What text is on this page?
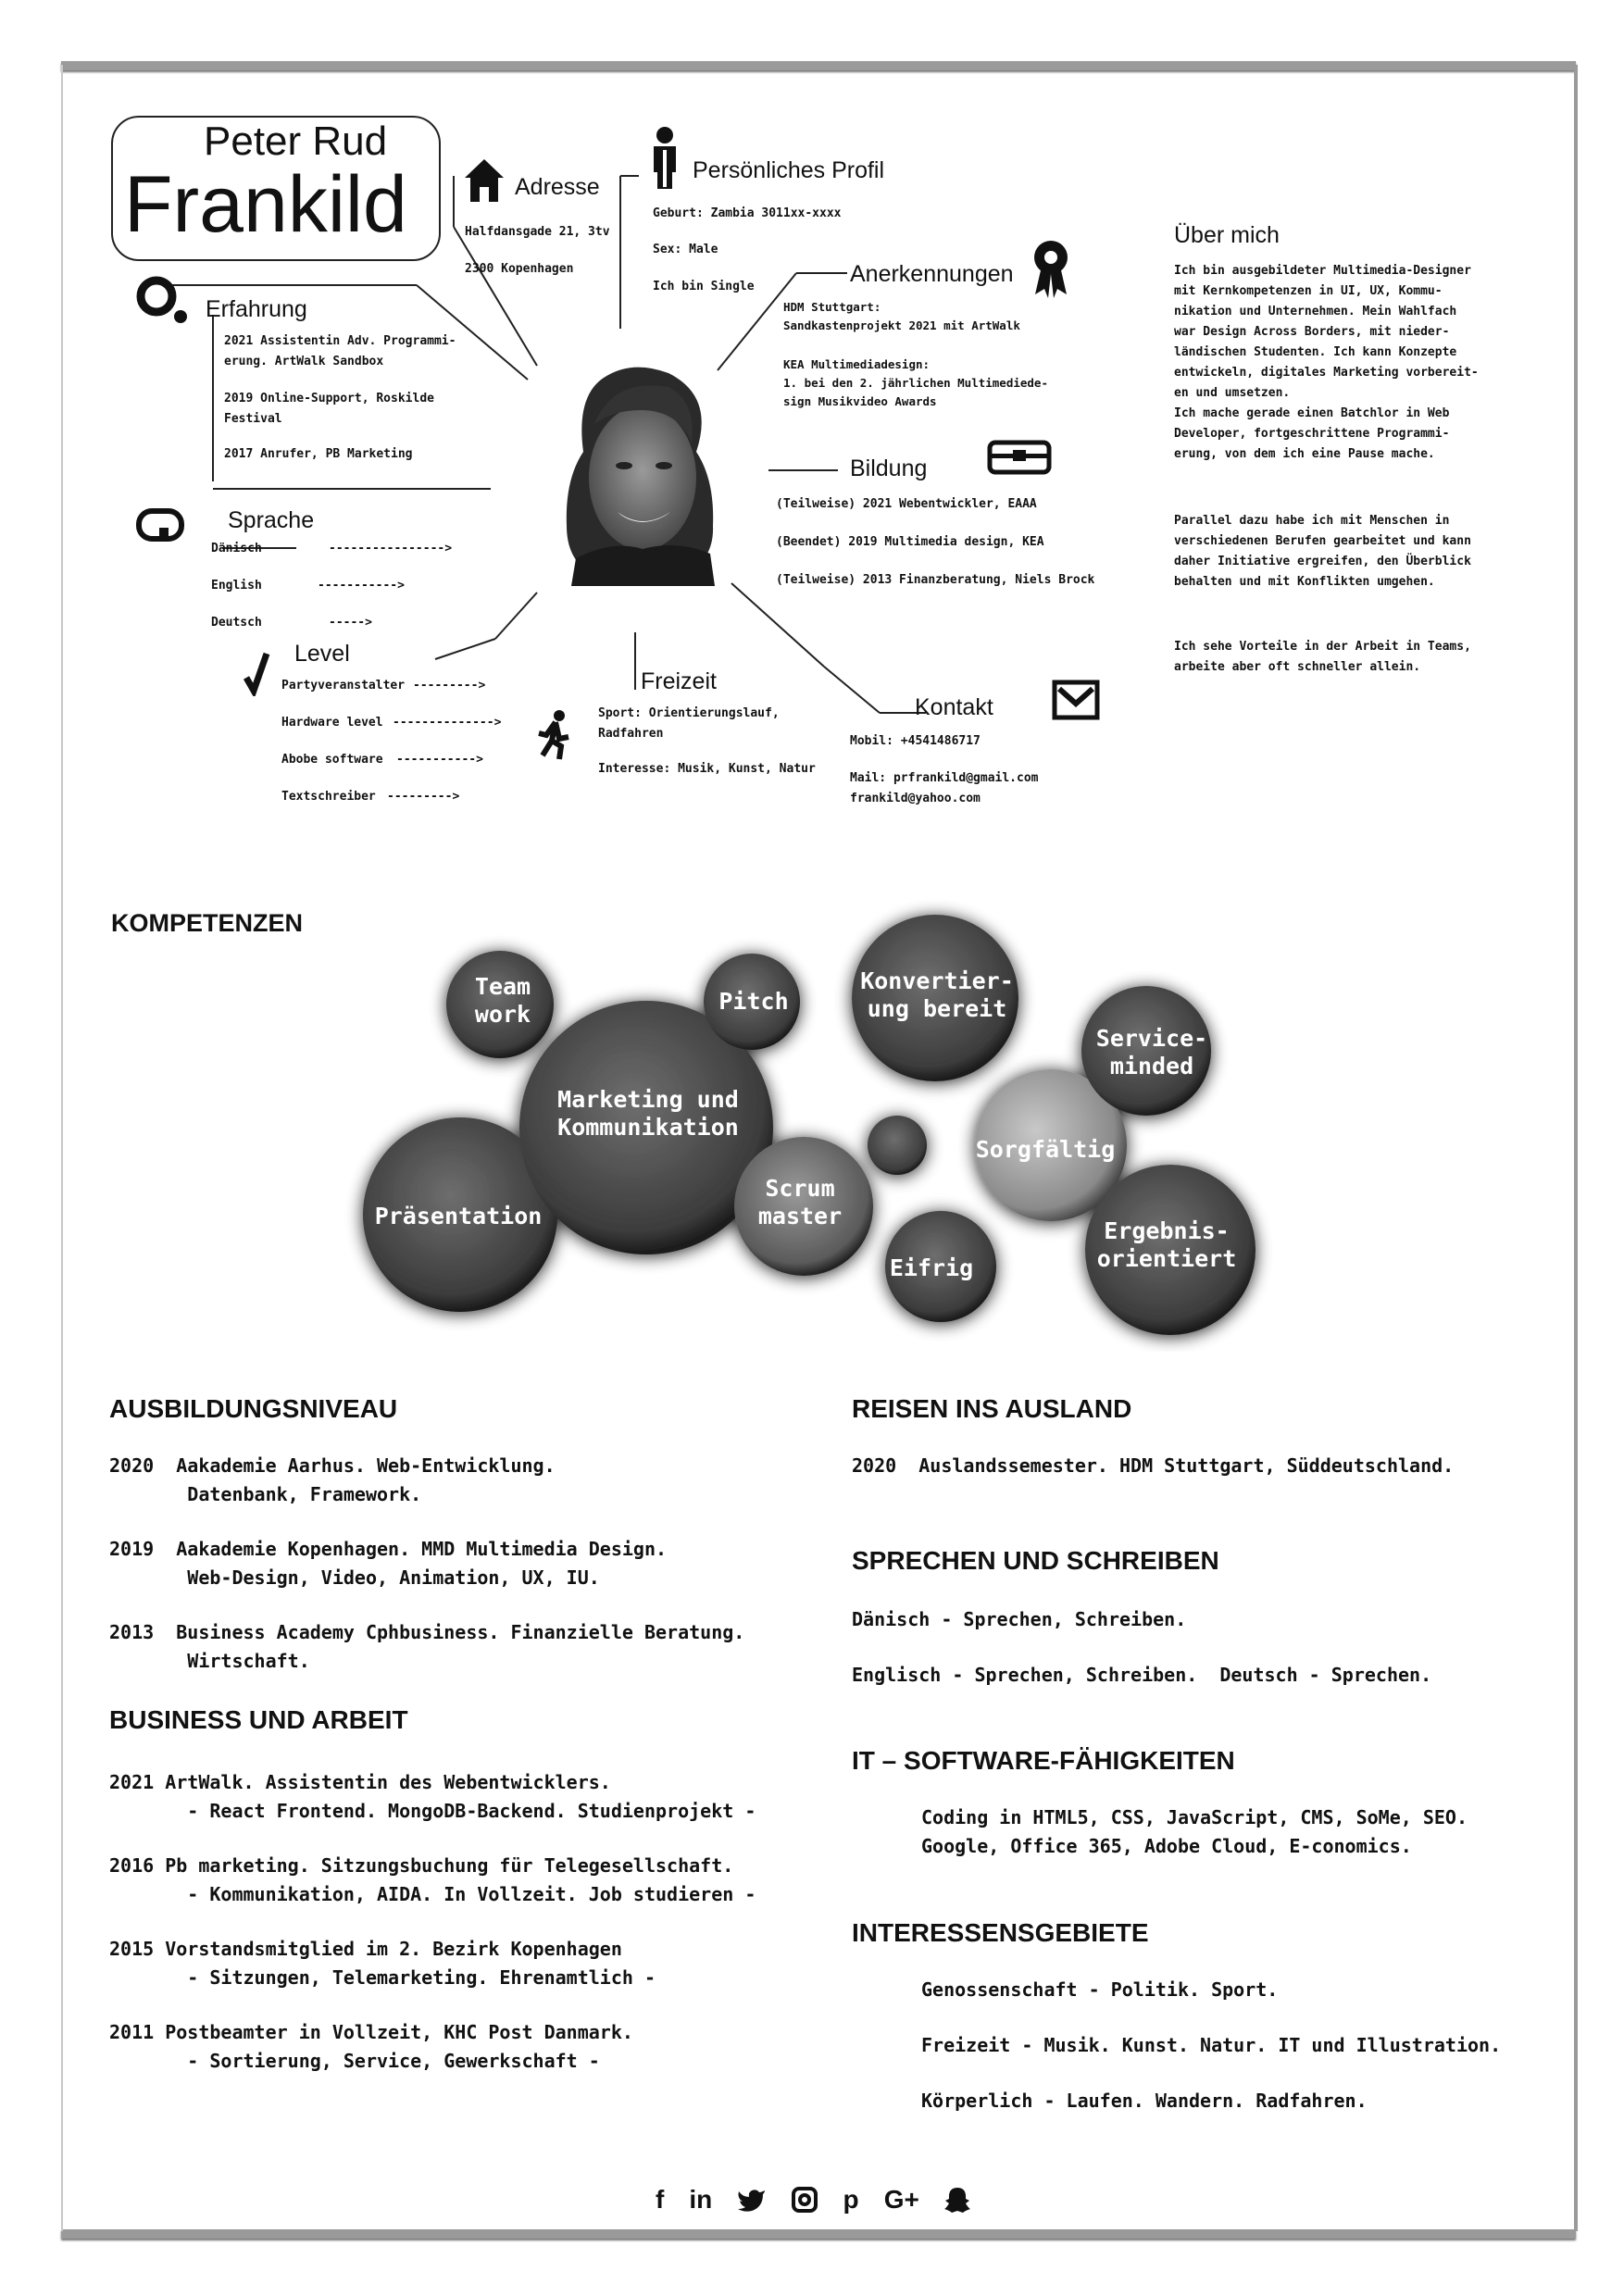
Peter Rud
Frankild	Adresse
Halfdansgade 21, 3tv
2300 Kopenhagen
Persönliches Profil
Geburt: Zambia 3011xx-xxxx
Sex: Male
Ich bin Single
Erfahrung
2021 Assistentin Adv. Programmi-
erung. ArtWalk Sandbox
2019 Online-Support, Roskilde
Festival
2017 Anrufer, PB Marketing
Anerkennungen
HDM Stuttgart:
Sandkastenprojekt 2021 mit ArtWalk
KEA Multimediadesign:
1. bei den 2. jährlichen Multimediede-
sign Musikvideo Awards
Bildung
(Teilweise) 2021 Webentwickler, EAAA
(Beendet) 2019 Multimedia design, KEA
(Teilweise) 2013 Finanzberatung, Niels Brock
Sprache
Dänisch	---------------->
English	----------->
Deutsch	----->
Level
Partyveranstalter --------->
Hardware level -------------->
Abobe software ----------->
Textschreiber --------->
Freizeit
Sport: Orientierungslauf,
Radfahren
Interesse: Musik, Kunst, Natur
Kontakt
Mobil: +4541486717
Mail: prfrankild@gmail.com
frankild@yahoo.com
Über mich
Ich bin ausgebildeter Multimedia-Designer
mit Kernkompetenzen in UI, UX, Kommu-
nikation und Unternehmen. Mein Wahlfach
war Design Across Borders, mit nieder-
ländischen Studenten. Ich kann Konzepte
entwickeln, digitales Marketing vorbereit-
en und umsetzen.
Ich mache gerade einen Batchlor in Web
Developer, fortgeschrittene Programmi-
erung, von dem ich eine Pause mache.
Parallel dazu habe ich mit Menschen in
verschiedenen Berufen gearbeitet und kann
daher Initiative ergreifen, den Überblick
behalten und mit Konflikten umgehen.
Ich sehe Vorteile in der Arbeit in Teams,
arbeite aber oft schneller allein.
KOMPETENZEN
Team work	Pitch
Konvertier-ung bereit
Service-minded
Marketing und Kommunikation
Sorgfältig
Präsentation
Scrum master
Eifrig
Ergebnis-orientiert
AUSBILDUNGSNIVEAU
2020  Aakademie Aarhus. Web-Entwicklung.
Datenbank, Framework.
2019  Aakademie Kopenhagen. MMD Multimedia Design.
Web-Design, Video, Animation, UX, IU.
2013  Business Academy Cphbusiness. Finanzielle Beratung.
Wirtschaft.
BUSINESS UND ARBEIT
2021 ArtWalk. Assistentin des Webentwicklers.
- React Frontend. MongoDB-Backend. Studienprojekt -
2016 Pb marketing. Sitzungsbuchung für Telegesellschaft.
- Kommunikation, AIDA. In Vollzeit. Job studieren -
2015 Vorstandsmitglied im 2. Bezirk Kopenhagen
- Sitzungen, Telemarketing. Ehrenamtlich -
2011 Postbeamter in Vollzeit, KHC Post Danmark.
- Sortierung, Service, Gewerkschaft -
REISEN INS AUSLAND
2020  Auslandssemester. HDM Stuttgart, Süddeutschland.
SPRECHEN UND SCHREIBEN
Dänisch - Sprechen, Schreiben.
Englisch - Sprechen, Schreiben.  Deutsch - Sprechen.
IT – SOFTWARE-FÄHIGKEITEN
Coding in HTML5, CSS, JavaScript, CMS, SoMe, SEO.
Google, Office 365, Adobe Cloud, E-conomics.
INTERESSENSGEBIETE
Genossenschaft - Politik. Sport.
Freizeit - Musik. Kunst. Natur. IT und Illustration.
Körperlich - Laufen. Wandern. Radfahren.
f in	p G+
